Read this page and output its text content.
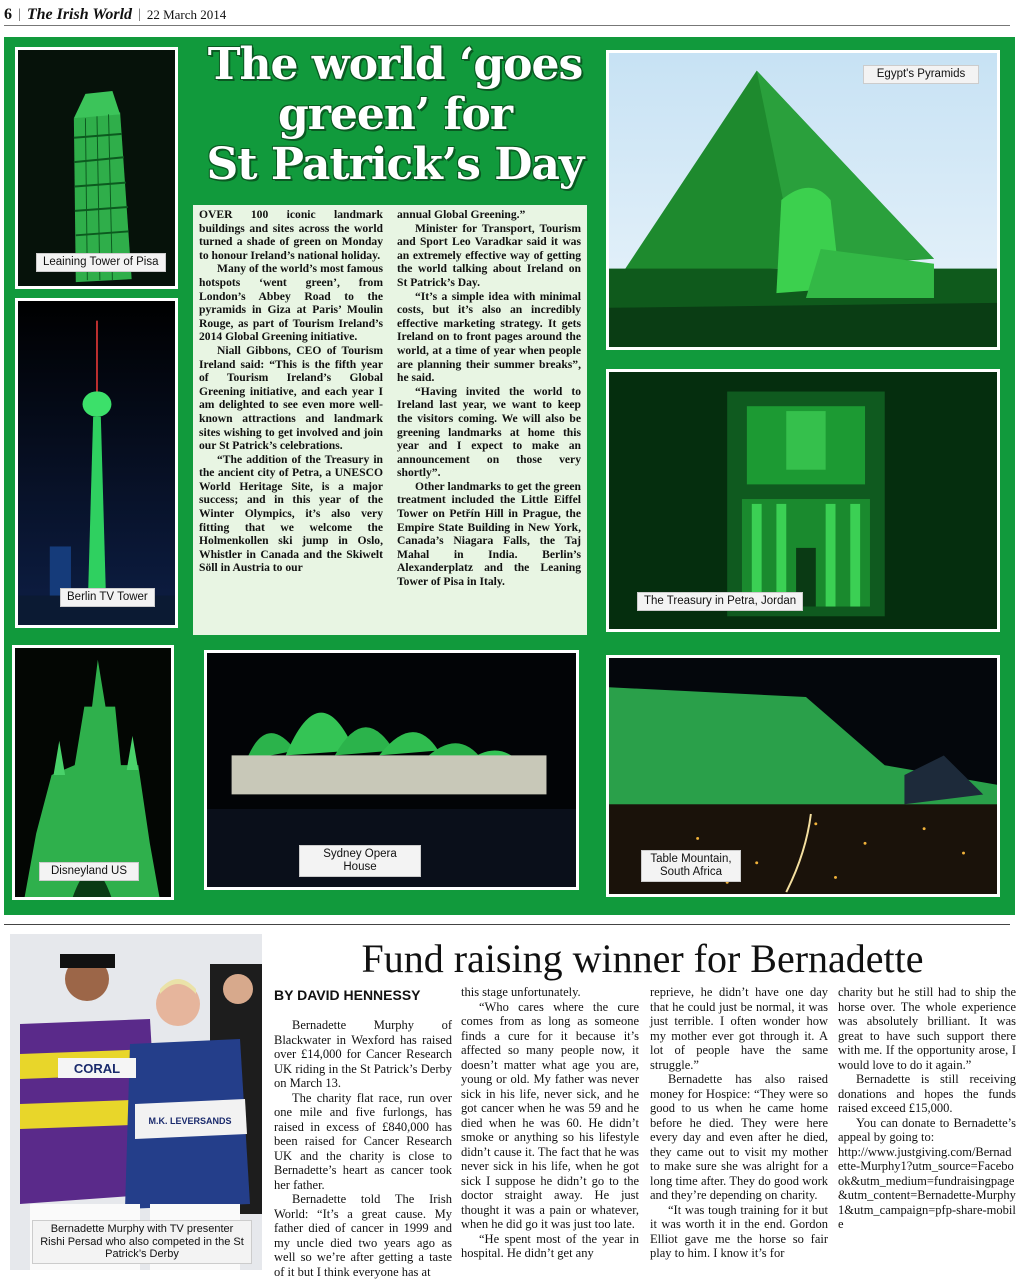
6 | The Irish World | 22 March 2014
Leaining Tower of Pisa
Berlin TV Tower
The world ‘goes
green’ for
St Patrick’s Day

OVER 100 iconic landmark buildings and sites across the world turned a shade of green on Monday to honour Ireland’s national holiday.

Many of the world’s most famous hotspots ‘went green’, from London’s Abbey Road to the pyramids in Giza at Paris’ Moulin Rouge, as part of Tourism Ireland’s 2014 Global Greening initiative.

Niall Gibbons, CEO of Tourism Ireland said: “This is the fifth year of Tourism Ireland’s Global Greening initiative, and each year I am delighted to see even more well-known attractions and landmark sites wishing to get involved and join our St Patrick’s celebrations.

“The addition of the Treasury in the ancient city of Petra, a UNESCO World Heritage Site, is a major success; and in this year of the Winter Olympics, it’s also very fitting that we welcome the Holmenkollen ski jump in Oslo, Whistler in Canada and the Skiwelt Söll in Austria to our

annual Global Greening.”

Minister for Transport, Tourism and Sport Leo Varadkar said it was an extremely effective way of getting the world talking about Ireland on St Patrick’s Day.

“It’s a simple idea with minimal costs, but it’s also an incredibly effective marketing strategy. It gets Ireland on to front pages around the world, at a time of year when people are planning their summer breaks”, he said.

“Having invited the world to Ireland last year, we want to keep the visitors coming. We will also be greening landmarks at home this year and I expect to make an announcement on those very shortly”.

Other landmarks to get the green treatment included the Little Eiffel Tower on Petřín Hill in Prague, the Empire State Building in New York, Canada’s Niagara Falls, the Taj Mahal in India. Berlin’s Alexanderplatz and the Leaning Tower of Pisa in Italy.

Egypt's Pyramids
The Treasury in Petra, Jordan
Disneyland US
Sydney Opera House
Table Mountain, South Africa
CORAL
M.K. LEVERSANDS
Bernadette Murphy with TV presenter Rishi Persad who also competed in the St Patrick’s Derby
Fund raising winner for Bernadette
BY DAVID HENNESSY

Bernadette Murphy of Blackwater in Wexford has raised over £14,000 for Cancer Research UK riding in the St Patrick’s Derby on March 13.

The charity flat race, run over one mile and five furlongs, has raised in excess of £840,000 has been raised for Cancer Research UK and the charity is close to Bernadette’s heart as cancer took her father.

Bernadette told The Irish World: “It’s a great cause. My father died of cancer in 1999 and my uncle died two years ago as well so we’re after getting a taste of it but I think everyone has at

this stage unfortunately.

“Who cares where the cure comes from as long as someone finds a cure for it because it’s affected so many people now, it doesn’t matter what age you are, young or old. My father was never sick in his life, never sick, and he got cancer when he was 59 and he died when he was 60. He didn’t smoke or anything so his lifestyle didn’t cause it. The fact that he was never sick in his life, when he got sick I suppose he didn’t go to the doctor straight away. He just thought it was a pain or whatever, when he did go it was just too late.

“He spent most of the year in hospital. He didn’t get any

reprieve, he didn’t have one day that he could just be normal, it was just terrible. I often wonder how my mother ever got through it. A lot of people have the same struggle.”

Bernadette has also raised money for Hospice: “They were so good to us when he came home before he died. They were here every day and even after he died, they came out to visit my mother to make sure she was alright for a long time after. They do good work and they’re depending on charity.

“It was tough training for it but it was worth it in the end. Gordon Elliot gave me the horse so fair play to him. I know it’s for

charity but he still had to ship the horse over. The whole experience was absolutely brilliant. It was great to have such support there with me. If the opportunity arose, I would love to do it again.”

Bernadette is still receiving donations and hopes the funds raised exceed £15,000.

You can donate to Bernadette’s appeal by going to:

http://www.justgiving.com/Bernadette-Murphy1?utm_source=Facebook&utm_medium=fundraisingpage&utm_content=Bernadette-Murphy1&utm_campaign=pfp-share-mobile
